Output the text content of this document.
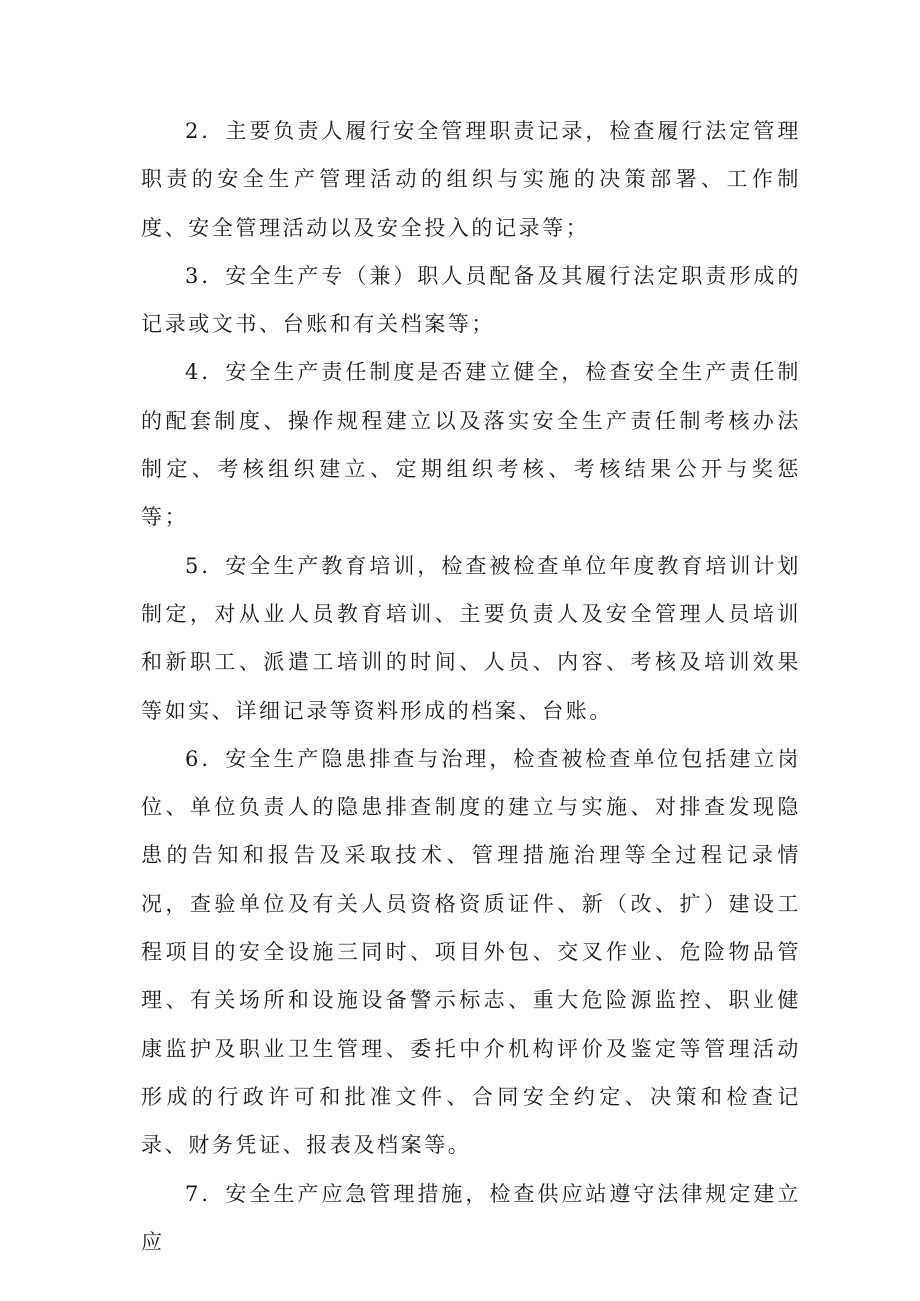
2．主要负责人履行安全管理职责记录，检查履行法定管理职责的安全生产管理活动的组织与实施的决策部署、工作制度、安全管理活动以及安全投入的记录等；

3．安全生产专（兼）职人员配备及其履行法定职责形成的记录或文书、台账和有关档案等；

4．安全生产责任制度是否建立健全，检查安全生产责任制的配套制度、操作规程建立以及落实安全生产责任制考核办法制定、考核组织建立、定期组织考核、考核结果公开与奖惩等；

5．安全生产教育培训，检查被检查单位年度教育培训计划制定，对从业人员教育培训、主要负责人及安全管理人员培训和新职工、派遣工培训的时间、人员、内容、考核及培训效果等如实、详细记录等资料形成的档案、台账。

6．安全生产隐患排查与治理，检查被检查单位包括建立岗位、单位负责人的隐患排查制度的建立与实施、对排查发现隐患的告知和报告及采取技术、管理措施治理等全过程记录情况，查验单位及有关人员资格资质证件、新（改、扩）建设工程项目的安全设施三同时、项目外包、交叉作业、危险物品管理、有关场所和设施设备警示标志、重大危险源监控、职业健康监护及职业卫生管理、委托中介机构评价及鉴定等管理活动形成的行政许可和批准文件、合同安全约定、决策和检查记录、财务凭证、报表及档案等。

7．安全生产应急管理措施，检查供应站遵守法律规定建立应
